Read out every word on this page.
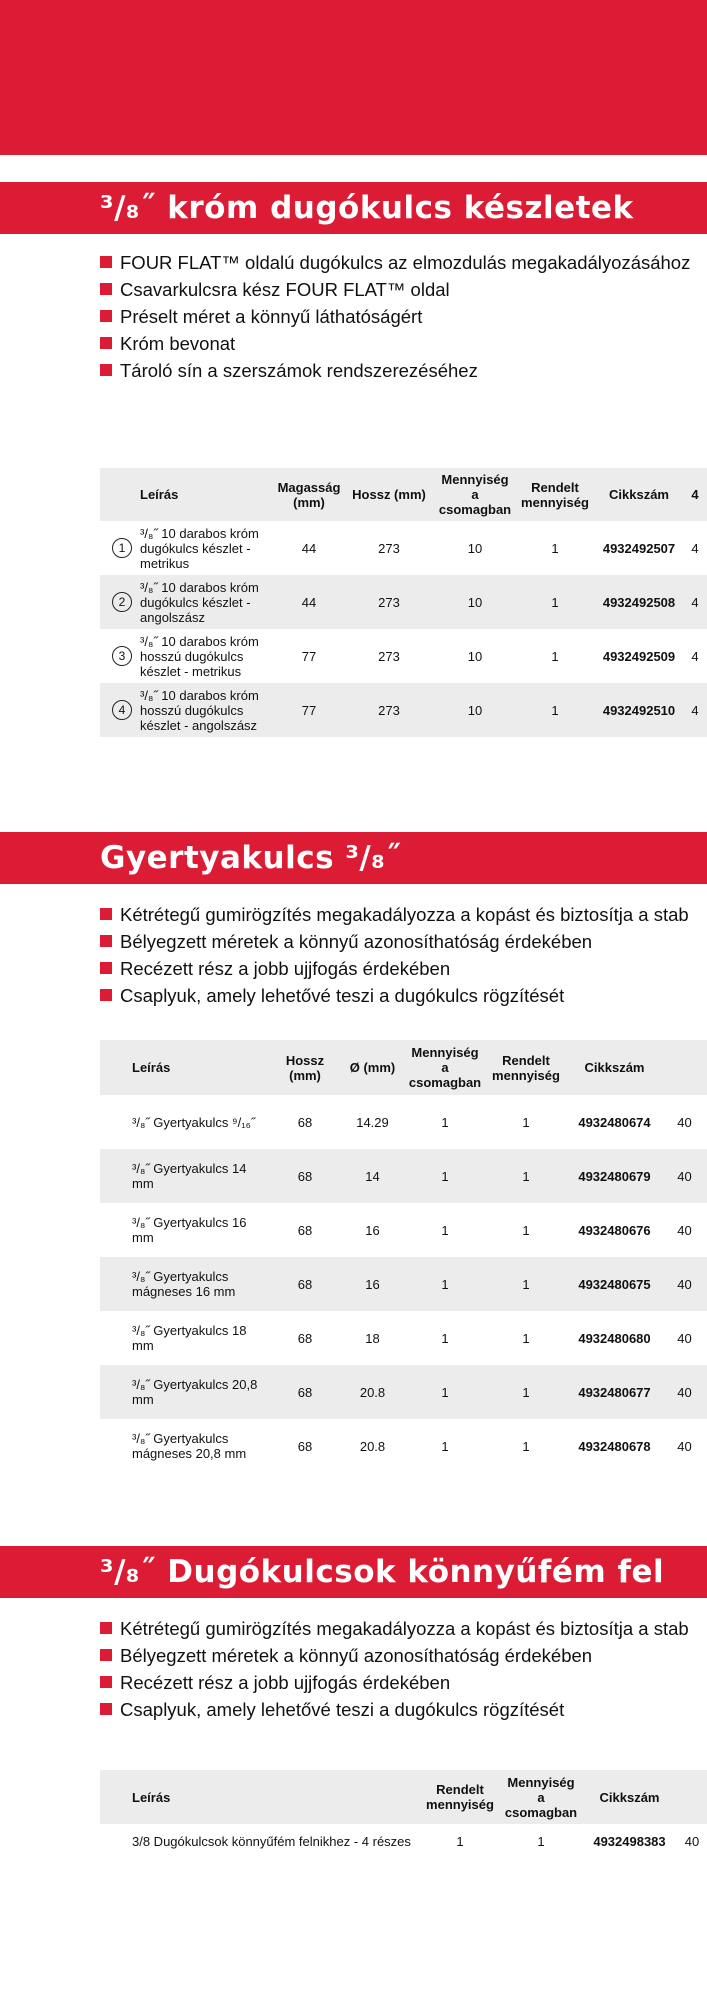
³/₈˝ króm dugókulcs készletek
FOUR FLAT™ oldalú dugókulcs az elmozdulás megakadályozásához
Csavarkulcsra kész FOUR FLAT™ oldal
Préselt méret a könnyű láthatóságért
Króm bevonat
Tároló sín a szerszámok rendszerezéséhez
Leírás	Magasság (mm)	Hossz (mm)	Mennyiség a csomagban	Rendelt mennyiség	Cikkszám	4

1
³/₈˝ 10 darabos króm dugókulcs készlet - metrikus	44	273	10	1	4932492507	4

2
³/₈˝ 10 darabos króm dugókulcs készlet - angolszász	44	273	10	1	4932492508	4

3
³/₈˝ 10 darabos króm hosszú dugókulcs készlet - metrikus	77	273	10	1	4932492509	4

4
³/₈˝ 10 darabos króm hosszú dugókulcs készlet - angolszász	77	273	10	1	4932492510	4
Gyertyakulcs ³/₈˝
Kétrétegű gumirögzítés megakadályozza a kopást és biztosítja a stab
Bélyegzett méretek a könnyű azonosíthatóság érdekében
Recézett rész a jobb ujjfogás érdekében
Csaplyuk, amely lehetővé teszi a dugókulcs rögzítését
Leírás	Hossz (mm)	Ø (mm)	Mennyiség a csomagban	Rendelt mennyiség	Cikkszám	
³/₈˝ Gyertyakulcs ⁹/₁₆˝	68	14.29	1	1	4932480674	40
³/₈˝ Gyertyakulcs 14 mm	68	14	1	1	4932480679	40
³/₈˝ Gyertyakulcs 16 mm	68	16	1	1	4932480676	40
³/₈˝ Gyertyakulcs mágneses 16 mm	68	16	1	1	4932480675	40
³/₈˝ Gyertyakulcs 18 mm	68	18	1	1	4932480680	40
³/₈˝ Gyertyakulcs 20,8 mm	68	20.8	1	1	4932480677	40
³/₈˝ Gyertyakulcs mágneses 20,8 mm	68	20.8	1	1	4932480678	40
³/₈˝ Dugókulcsok könnyűfém fel
Kétrétegű gumirögzítés megakadályozza a kopást és biztosítja a stab
Bélyegzett méretek a könnyű azonosíthatóság érdekében
Recézett rész a jobb ujjfogás érdekében
Csaplyuk, amely lehetővé teszi a dugókulcs rögzítését
Leírás	Rendelt mennyiség	Mennyiség a csomagban	Cikkszám	
3/8 Dugókulcsok könnyűfém felnikhez - 4 részes	1	1	4932498383	40
